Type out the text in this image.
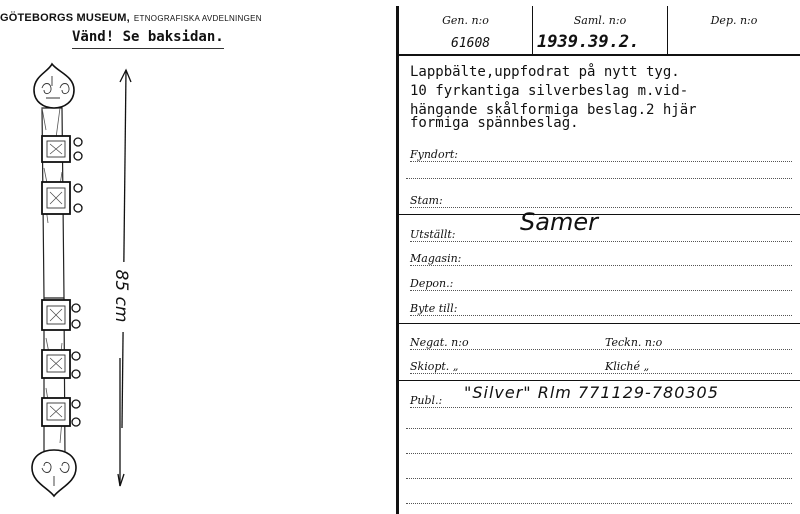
GÖTEBORGS MUSEUM, ETNOGRAFISKA AVDELNINGEN
Vänd! Se baksidan.
85 cm
Gen. n:o
61608
Saml. n:o
1939.39.2.
Dep. n:o
Lappbälte,uppfodrat på nytt tyg.
10 fyrkantiga silverbeslag m.vid-
hängande skålformiga beslag.2 hjär
formiga spännbeslag.
Fyndort:
Stam:
Utställt:	Samer
Magasin:
Depon.:
Byte till:
Negat. n:o	Teckn. n:o
Skiopt. „	Kliché „
Publ.: "Silver" Rlm 771129-780305
